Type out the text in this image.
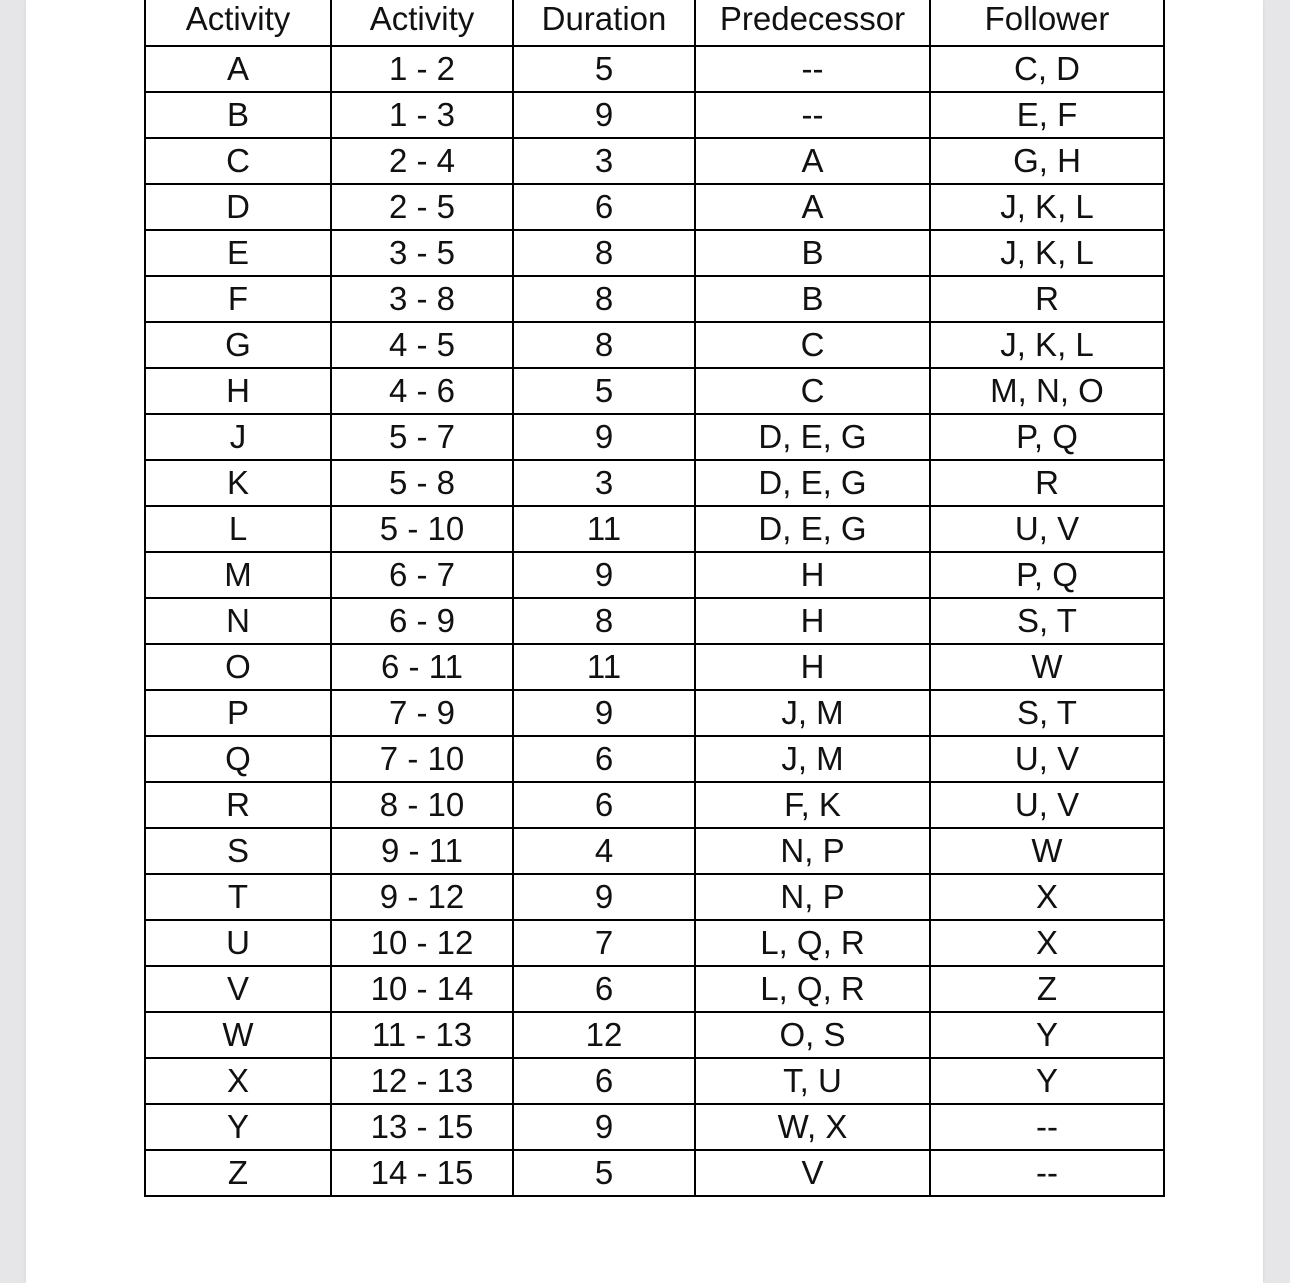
Activity	Activity	Duration	Predecessor	Follower
A	1 - 2	5	--	C, D
B	1 - 3	9	--	E, F
C	2 - 4	3	A	G, H
D	2 - 5	6	A	J, K, L
E	3 - 5	8	B	J, K, L
F	3 - 8	8	B	R
G	4 - 5	8	C	J, K, L
H	4 - 6	5	C	M, N, O
J	5 - 7	9	D, E, G	P, Q
K	5 - 8	3	D, E, G	R
L	5 - 10	11	D, E, G	U, V
M	6 - 7	9	H	P, Q
N	6 - 9	8	H	S, T
O	6 - 11	11	H	W
P	7 - 9	9	J, M	S, T
Q	7 - 10	6	J, M	U, V
R	8 - 10	6	F, K	U, V
S	9 - 11	4	N, P	W
T	9 - 12	9	N, P	X
U	10 - 12	7	L, Q, R	X
V	10 - 14	6	L, Q, R	Z
W	11 - 13	12	O, S	Y
X	12 - 13	6	T, U	Y
Y	13 - 15	9	W, X	--
Z	14 - 15	5	V	--
